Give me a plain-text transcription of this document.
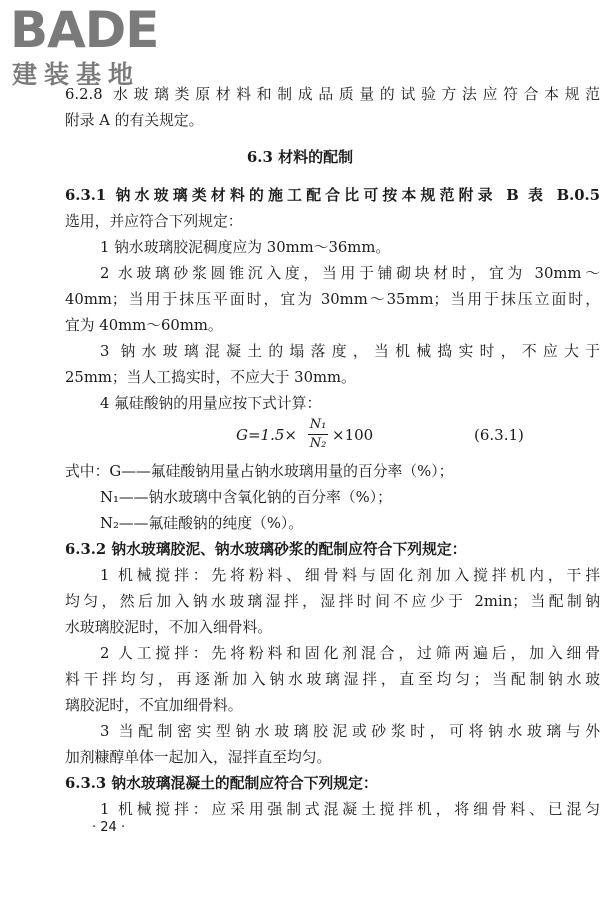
BADE
建装基地
6.2.8 水玻璃类原材料和制成品质量的试验方法应符合本规范
附录 A 的有关规定。
6.3 材料的配制
6.3.1 钠水玻璃类材料的施工配合比可按本规范附录 B 表 B.0.5
选用，并应符合下列规定：
1 钠水玻璃胶泥稠度应为 30mm～36mm。
2 水玻璃砂浆圆锥沉入度，当用于铺砌块材时，宜为 30mm～
40mm；当用于抹压平面时，宜为 30mm～35mm；当用于抹压立面时，
宜为 40mm～60mm。
3 钠水玻璃混凝土的塌落度，当机械捣实时，不应大于
25mm；当人工捣实时，不应大于 30mm。
4 氟硅酸钠的用量应按下式计算：
G=1.5×
N₁
N₂ ×100	(6.3.1)
式中：G——氟硅酸钠用量占钠水玻璃用量的百分率（%）；
N₁——钠水玻璃中含氧化钠的百分率（%）；
N₂——氟硅酸钠的纯度（%）。
6.3.2 钠水玻璃胶泥、钠水玻璃砂浆的配制应符合下列规定：
1 机械搅拌：先将粉料、细骨料与固化剂加入搅拌机内，干拌
均匀，然后加入钠水玻璃湿拌，湿拌时间不应少于 2min；当配制钠
水玻璃胶泥时，不加入细骨料。
2 人工搅拌：先将粉料和固化剂混合，过筛两遍后，加入细骨
料干拌均匀，再逐渐加入钠水玻璃湿拌，直至均匀；当配制钠水玻
璃胶泥时，不宜加细骨料。
3 当配制密实型钠水玻璃胶泥或砂浆时，可将钠水玻璃与外
加剂糠醇单体一起加入，湿拌直至均匀。
6.3.3 钠水玻璃混凝土的配制应符合下列规定：
1 机械搅拌：应采用强制式混凝土搅拌机，将细骨料、已混匀
· 24 ·
